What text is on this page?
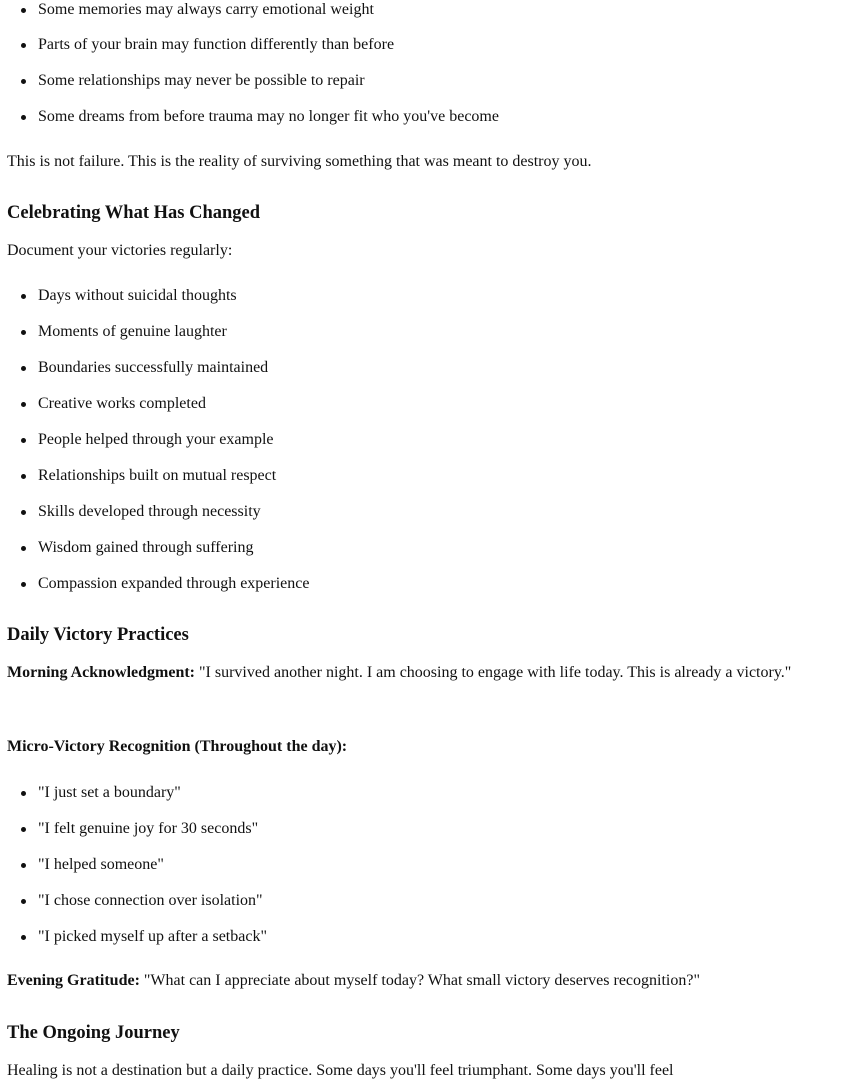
Some memories may always carry emotional weight
Parts of your brain may function differently than before
Some relationships may never be possible to repair
Some dreams from before trauma may no longer fit who you've become
This is not failure. This is the reality of surviving something that was meant to destroy you.
Celebrating What Has Changed
Document your victories regularly:
Days without suicidal thoughts
Moments of genuine laughter
Boundaries successfully maintained
Creative works completed
People helped through your example
Relationships built on mutual respect
Skills developed through necessity
Wisdom gained through suffering
Compassion expanded through experience
Daily Victory Practices
Morning Acknowledgment: "I survived another night. I am choosing to engage with life today. This is already a victory."
Micro-Victory Recognition (Throughout the day):
"I just set a boundary"
"I felt genuine joy for 30 seconds"
"I helped someone"
"I chose connection over isolation"
"I picked myself up after a setback"
Evening Gratitude: "What can I appreciate about myself today? What small victory deserves recognition?"
The Ongoing Journey
Healing is not a destination but a daily practice. Some days you'll feel triumphant. Some days you'll feel
